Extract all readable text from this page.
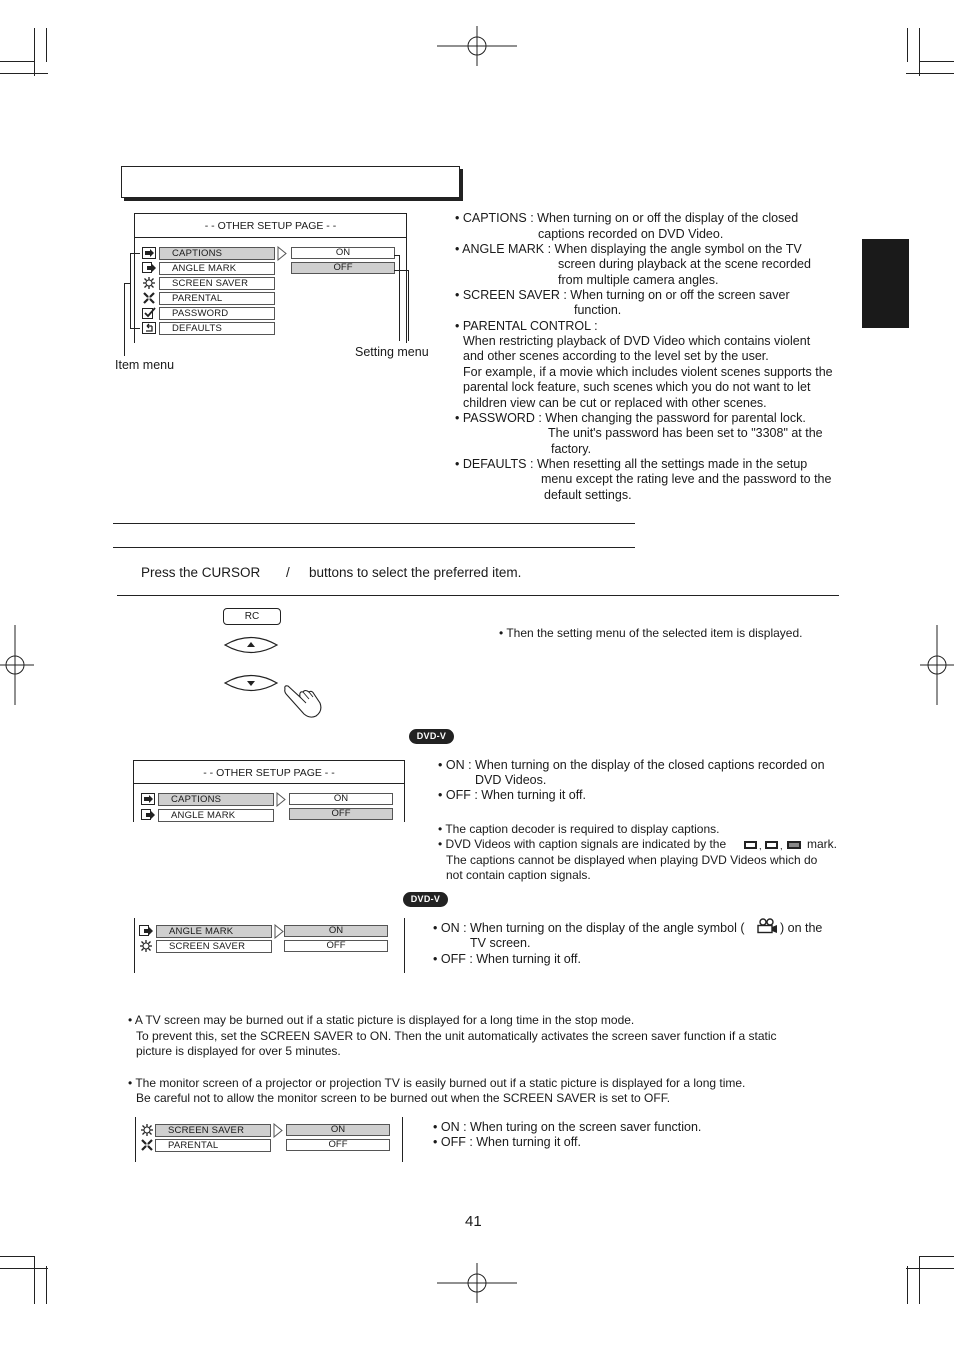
- - OTHER SETUP PAGE - -
CAPTIONS
ANGLE MARK
SCREEN SAVER
PARENTAL
PASSWORD
DEFAULTS
ON
OFF
Item menu
Setting menu
• CAPTIONS : When turning on or off the display of the closed
captions recorded on DVD Video.
• ANGLE MARK : When displaying the angle symbol on the TV
screen during playback at the scene recorded
from multiple camera angles.
• SCREEN SAVER : When turning on or off the screen saver
function.
• PARENTAL CONTROL :
When restricting playback of DVD Video which contains violent
and other scenes according to the level set by the user.
For example, if a movie which includes violent scenes supports the
parental lock feature, such scenes which you do not want to let
children view can be cut or replaced with other scenes.
• PASSWORD : When changing the password for parental lock.
The unit's password has been set to "3308" at the
factory.
• DEFAULTS : When resetting all the settings made in the setup
menu except the rating leve and the password to the
default settings.
Press the CURSOR / buttons to select the preferred item.
RC
• Then the setting menu of the selected item is displayed.
DVD-V
- - OTHER SETUP PAGE - -
CAPTIONS
ANGLE MARK
ON
OFF
• ON : When turning on the display of the closed captions recorded on
DVD Videos.
• OFF : When turning it off.
• The caption decoder is required to display captions.
• DVD Videos with caption signals are indicated by the	, , mark.
The captions cannot be displayed when playing DVD Videos which do
not contain caption signals.
DVD-V
ANGLE MARK
SCREEN SAVER
ON
OFF
• ON : When turning on the display of the angle symbol (	) on the
TV screen.
• OFF : When turning it off.
• A TV screen may be burned out if a static picture is displayed for a long time in the stop mode.
To prevent this, set the SCREEN SAVER to ON. Then the unit automatically activates the screen saver function if a static
picture is displayed for over 5 minutes.
• The monitor screen of a projector or projection TV is easily burned out if a static picture is displayed for a long time.
Be careful not to allow the monitor screen to be burned out when the SCREEN SAVER is set to OFF.
SCREEN SAVER
PARENTAL
ON
OFF
• ON : When turing on the screen saver function.
• OFF : When turning it off.
41
